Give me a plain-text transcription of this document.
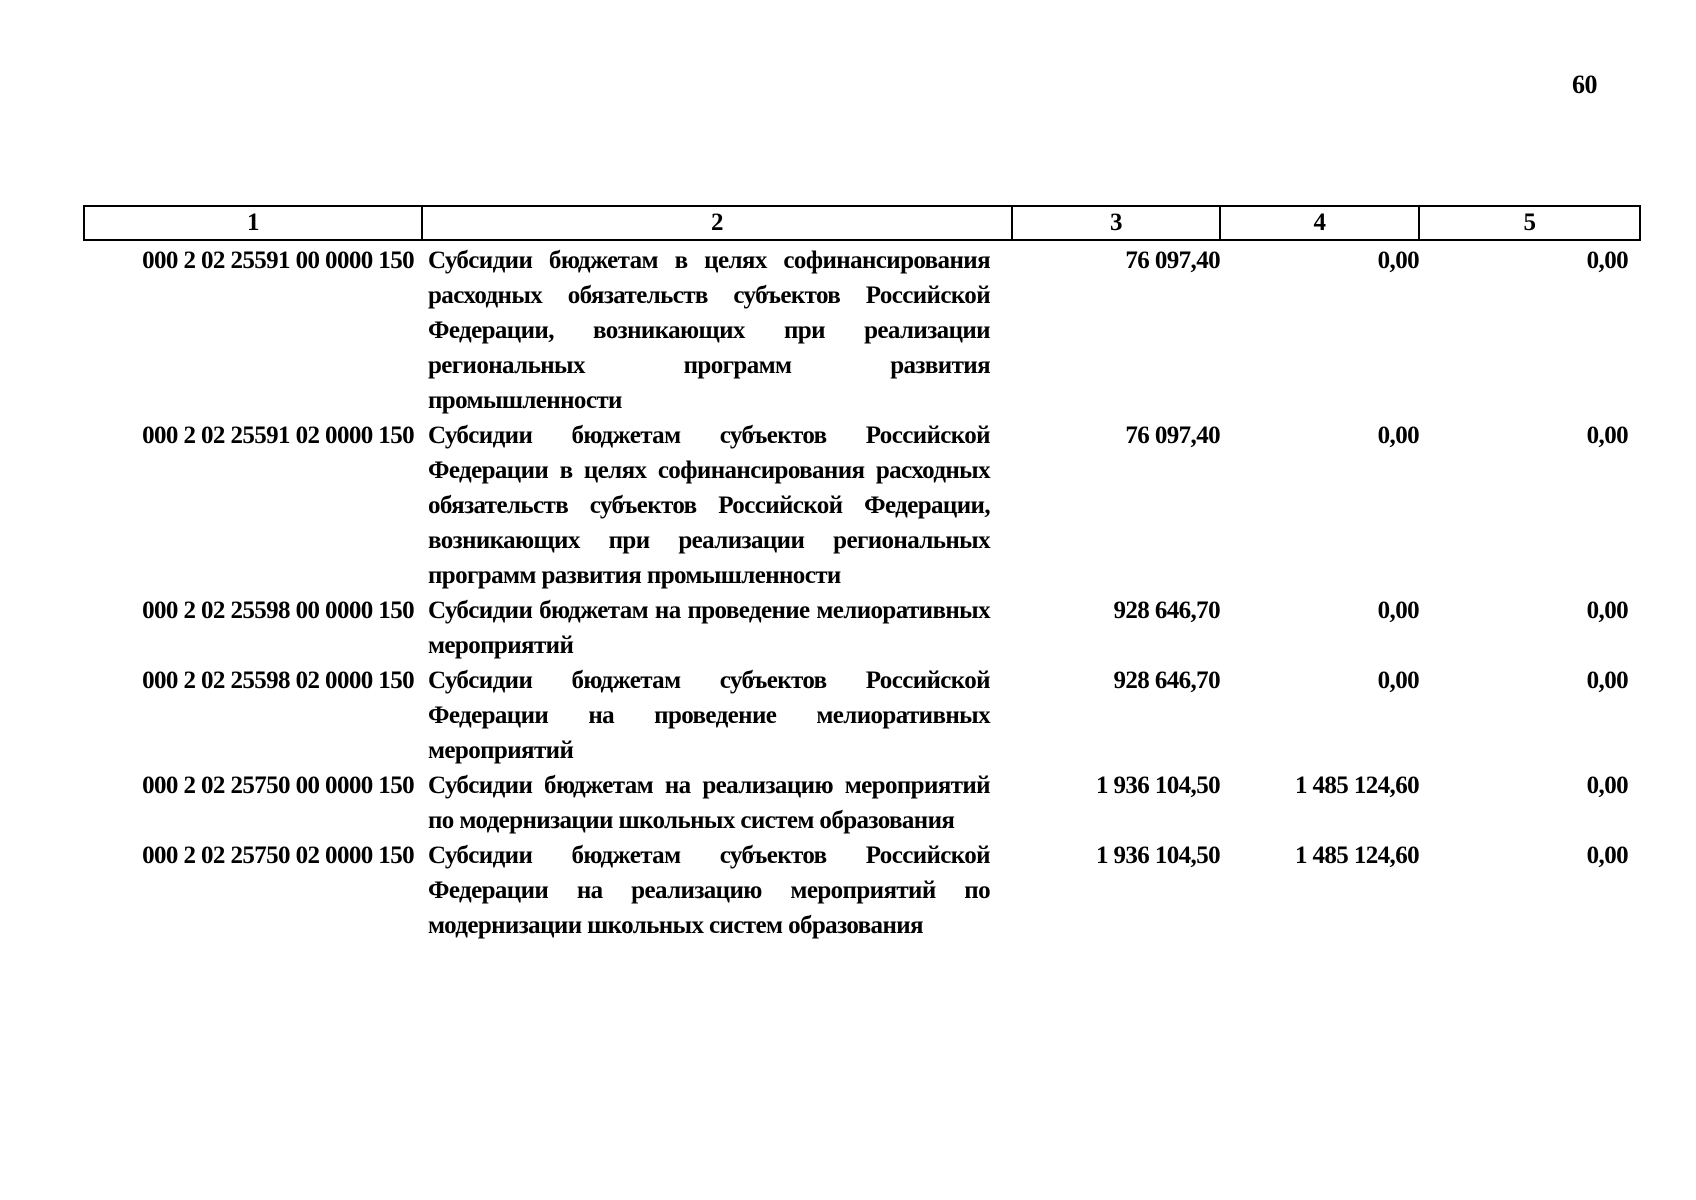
60
1	2	3	4	5
000 2 02 25591 00 0000 150	Субсидии бюджетам в целях софинансирования расходных обязательств субъектов Российской Федерации, возникающих при реализации региональных программ развития промышленности	76 097,40	0,00	0,00
000 2 02 25591 02 0000 150	Субсидии бюджетам субъектов Российской Федерации в целях софинансирования расходных обязательств субъектов Российской Федерации, возникающих при реализации региональных программ развития промышленности	76 097,40	0,00	0,00
000 2 02 25598 00 0000 150	Субсидии бюджетам на проведение мелиоративных мероприятий	928 646,70	0,00	0,00
000 2 02 25598 02 0000 150	Субсидии бюджетам субъектов Российской Федерации на проведение мелиоративных мероприятий	928 646,70	0,00	0,00
000 2 02 25750 00 0000 150	Субсидии бюджетам на реализацию мероприятий по модернизации школьных систем образования	1 936 104,50	1 485 124,60	0,00
000 2 02 25750 02 0000 150	Субсидии бюджетам субъектов Российской Федерации на реализацию мероприятий по модернизации школьных систем образования	1 936 104,50	1 485 124,60	0,00
